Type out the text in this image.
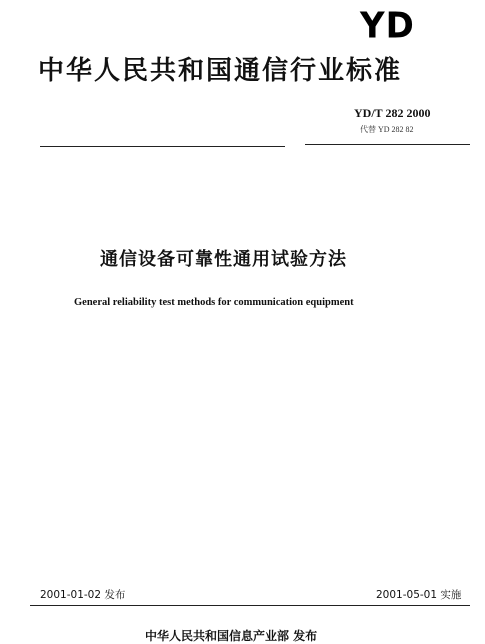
YD
中华人民共和国通信行业标准
YD/T 282 2000
代替 YD 282 82
通信设备可靠性通用试验方法
General reliability test methods for communication equipment
2001-01-02 发布	2001-05-01 实施
中华人民共和国信息产业部 发布
